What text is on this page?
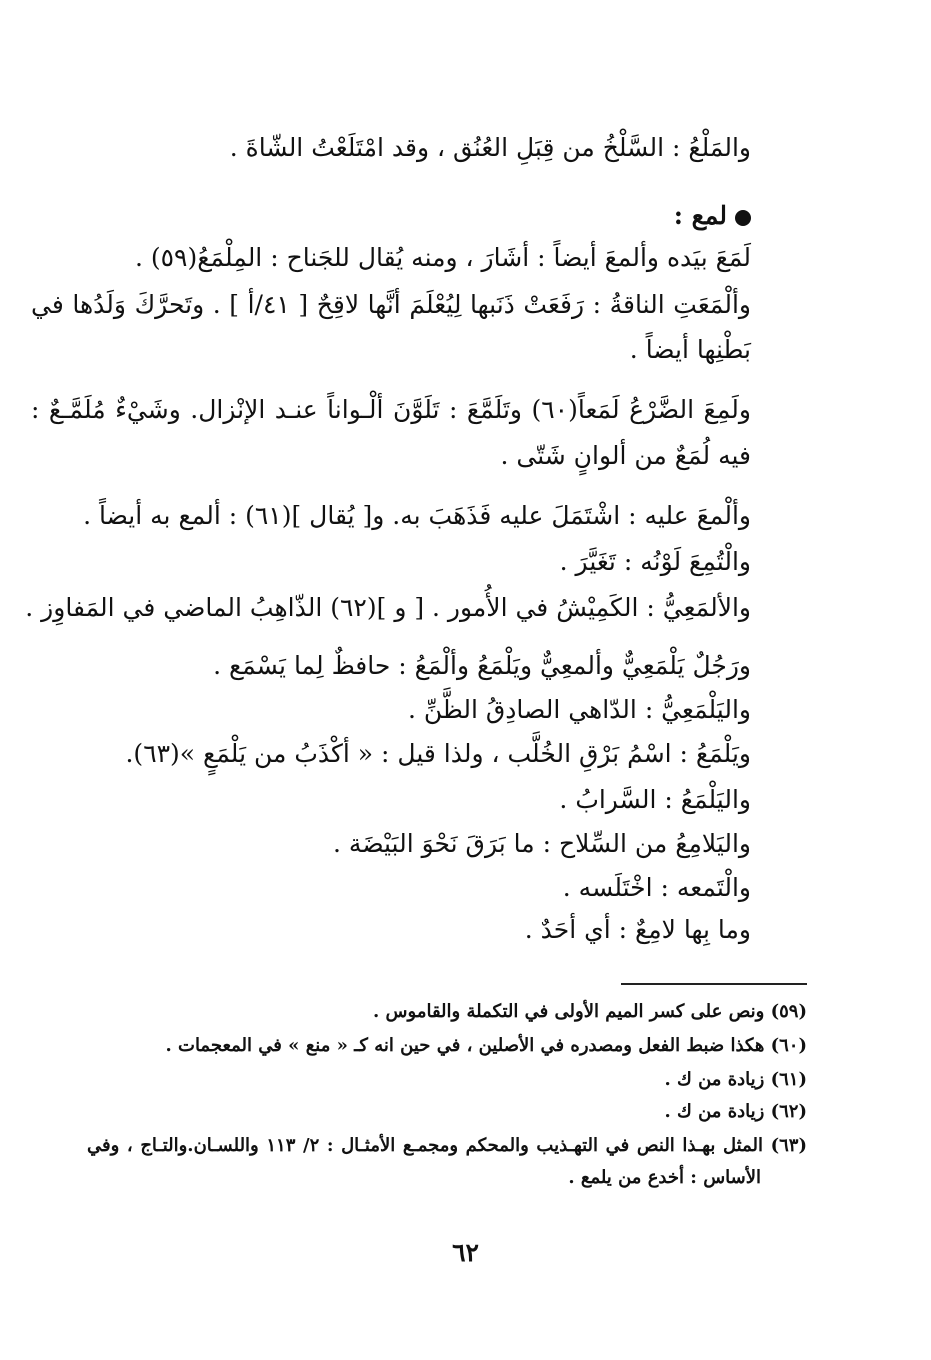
والمَلْعُ : السَّلْخُ من قِبَلِ العُنُق ، وقد امْتَلَعْتُ الشّاةَ .
لمع :
لَمَعَ بيَده وألمعَ أيضاً : أشَارَ ، ومنه يُقال للجَناح : المِلْمَعُ(٥٩) .
وألْمَعَتِ الناقةُ : رَفَعَتْ ذَنَبها لِيُعْلَمَ أنَّها لاقِحٌ [ ٤١/أ ] . وتَحرَّكَ وَلَدُها في
بَطْنِها أيضاً .
ولَمِعَ الضَّرْعُ لَمَعاً(٦٠) وتَلَمَّعَ : تَلَوَّنَ ألْـواناً عنـد الإنْزال. وشَيْءٌ مُلَمَّـعٌ :
فيه لُمَعٌ من ألوانٍ شَتّى .
وألْمعَ عليه : اشْتَمَلَ عليه فَذَهَبَ به. و[ يُقال ](٦١) : ألمع به أيضاً .
والْتُمِعَ لَوْنُه : تَغَيَّرَ .
والألمَعِيُّ : الكَمِيْشُ في الأُمور . [ و ](٦٢) الذّاهِبُ الماضي في المَفاوِز .
ورَجُلٌ يَلْمَعِيٌّ وألمعِيٌّ ويَلْمَعُ وألْمَعُ : حافظٌ لِما يَسْمَع .
واليَلْمَعِيُّ : الدّاهي الصادِقُ الظَّنِّ .
ويَلْمَعُ : اسْمُ بَرْقِ الخُلَّب ، ولذا قيل : « أكْذَبُ من يَلْمَعٍ »(٦٣).
واليَلْمَعُ : السَّرابُ .
واليَلامِعُ من السِّلاح : ما بَرَقَ نَحْوَ البَيْضَة .
والْتَمعه : اخْتَلَسه .
وما بِها لامِعٌ : أي أحَدٌ .
(٥٩) ونص على كسر الميم الأولى في التكملة والقاموس .
(٦٠) هكذا ضبط الفعل ومصدره في الأصلين ، في حين انه كـ « منع » في المعجمات .
(٦١) زيادة من ك .
(٦٢) زيادة من ك .
(٦٣) المثل بهـذا النص في التهـذيب والمحكم ومجمـع الأمثـال : ٢/ ١١٣ واللسـان.والتـاج ، وفي
الأساس : أخدع من يلمع .
٦٢
